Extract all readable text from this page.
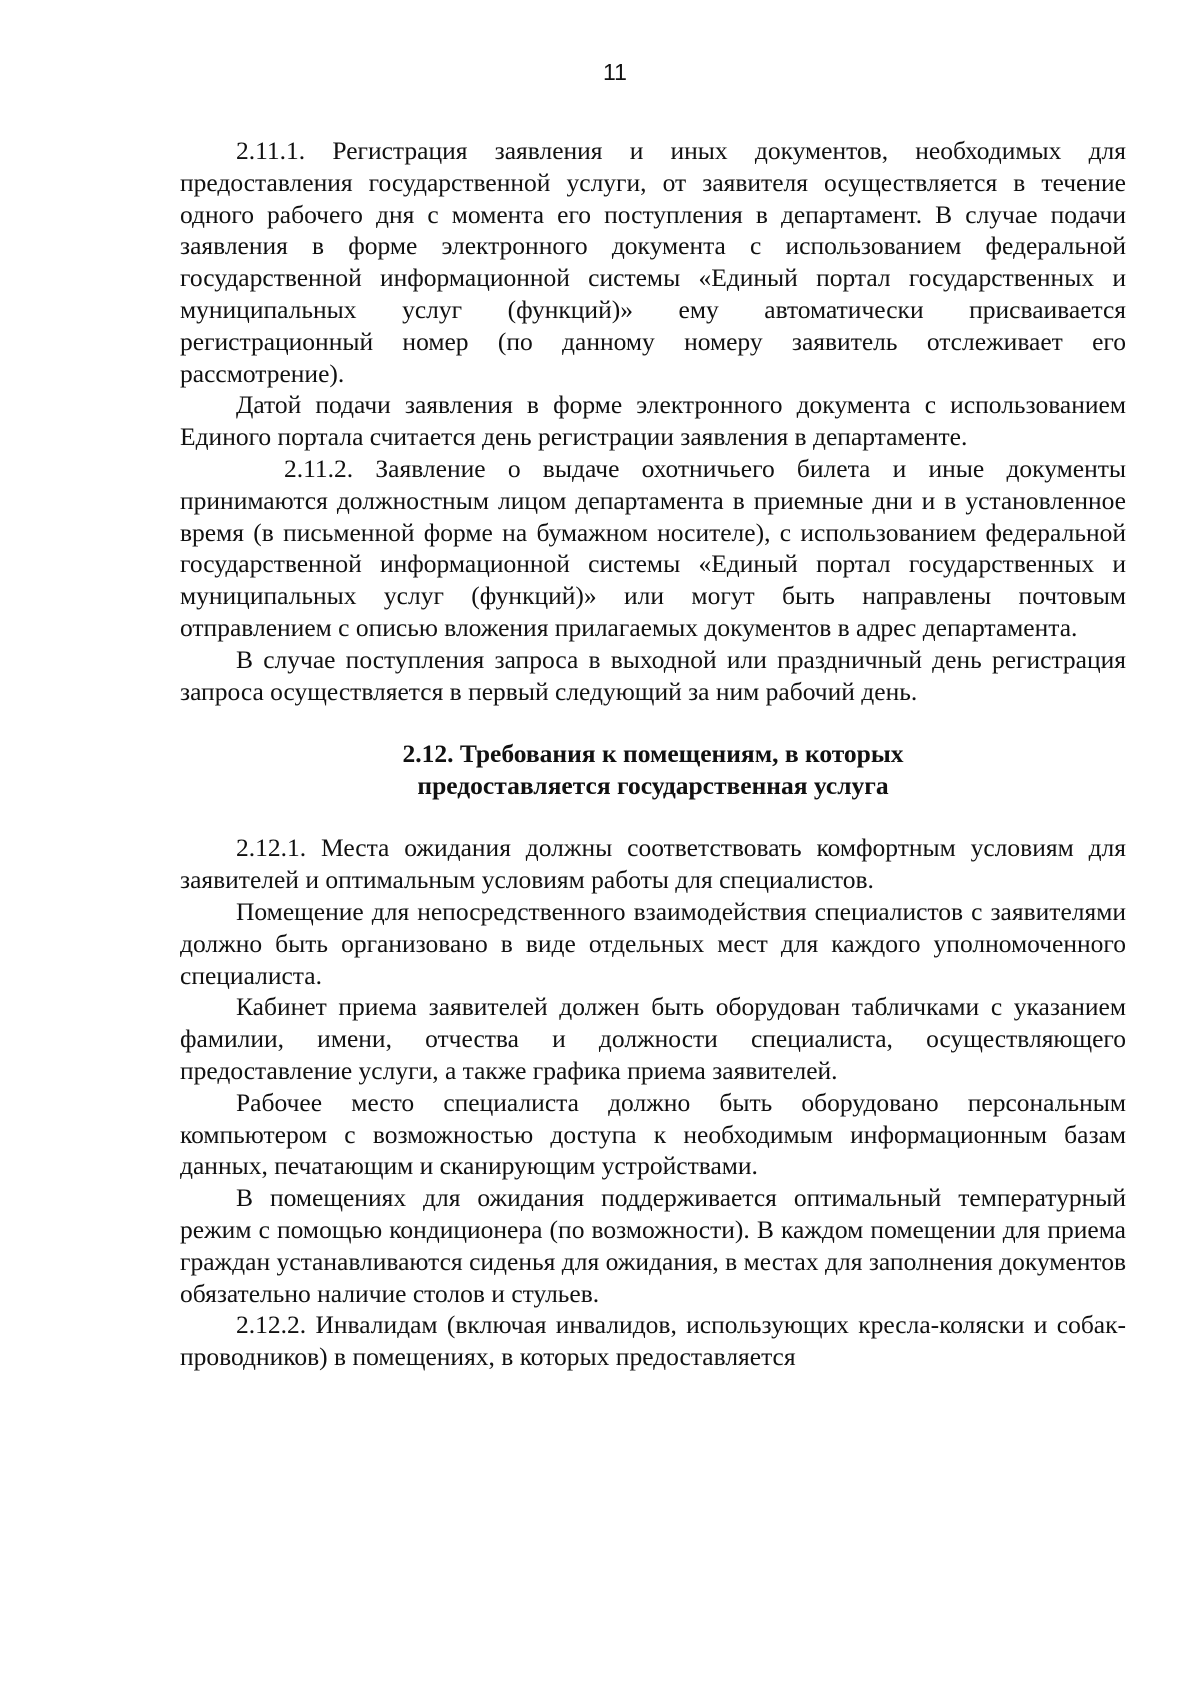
11

2.11.1. Регистрация заявления и иных документов, необходимых для предоставления государственной услуги, от заявителя осуществляется в течение одного рабочего дня с момента его поступления в департамент. В случае подачи заявления в форме электронного документа с использованием федеральной государственной информационной системы «Единый портал государственных и муниципальных услуг (функций)» ему автоматически присваивается регистрационный номер (по данному номеру заявитель отслеживает его рассмотрение).

Датой подачи заявления в форме электронного документа с использованием Единого портала считается день регистрации заявления в департаменте.

2.11.2. Заявление о выдаче охотничьего билета и иные документы принимаются должностным лицом департамента в приемные дни и в установленное время (в письменной форме на бумажном носителе), с использованием федеральной государственной информационной системы «Единый портал государственных и муниципальных услуг (функций)» или могут быть направлены почтовым отправлением с описью вложения прилагаемых документов в адрес департамента.

В случае поступления запроса в выходной или праздничный день регистрация запроса осуществляется в первый следующий за ним рабочий день.

2.12. Требования к помещениям, в которых
предоставляется государственная услуга

2.12.1. Места ожидания должны соответствовать комфортным условиям для заявителей и оптимальным условиям работы для специалистов.

Помещение для непосредственного взаимодействия специалистов с заявителями должно быть организовано в виде отдельных мест для каждого уполномоченного специалиста.

Кабинет приема заявителей должен быть оборудован табличками с указанием фамилии, имени, отчества и должности специалиста, осуществляющего предоставление услуги, а также графика приема заявителей.

Рабочее место специалиста должно быть оборудовано персональным компьютером с возможностью доступа к необходимым информационным базам данных, печатающим и сканирующим устройствами.

В помещениях для ожидания поддерживается оптимальный температурный режим с помощью кондиционера (по возможности). В каждом помещении для приема граждан устанавливаются сиденья для ожидания, в местах для заполнения документов обязательно наличие столов и стульев.

2.12.2. Инвалидам (включая инвалидов, использующих кресла-коляски и собак-проводников) в помещениях, в которых предоставляется
